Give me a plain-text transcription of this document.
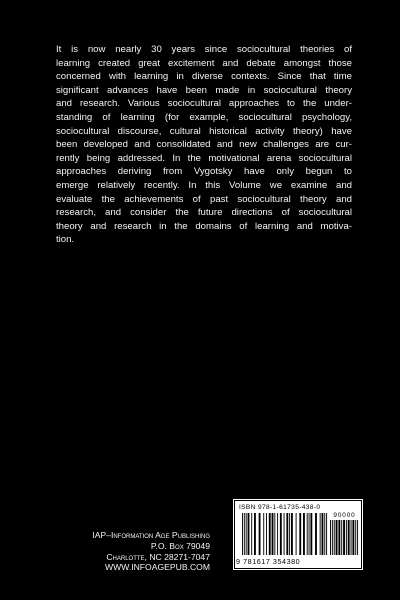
It is now nearly 30 years since sociocultural theories of
learning created great excitement and debate amongst those
concerned with learning in diverse contexts. Since that time
significant advances have been made in sociocultural theory
and research. Various sociocultural approaches to the under-
standing of learning (for example, sociocultural psychology,
sociocultural discourse, cultural historical activity theory) have
been developed and consolidated and new challenges are cur-
rently being addressed. In the motivational arena sociocultural
approaches deriving from Vygotsky have only begun to
emerge relatively recently. In this Volume we examine and
evaluate the achievements of past sociocultural theory and
research, and consider the future directions of sociocultural
theory and research in the domains of learning and motiva-
tion.

IAP–Information Age Publishing
P.O. Box 79049
Charlotte, NC 28271-7047
WWW.INFOAGEPUB.COM
ISBN 978-1-61735-438-0
90000
9 781617 354380
